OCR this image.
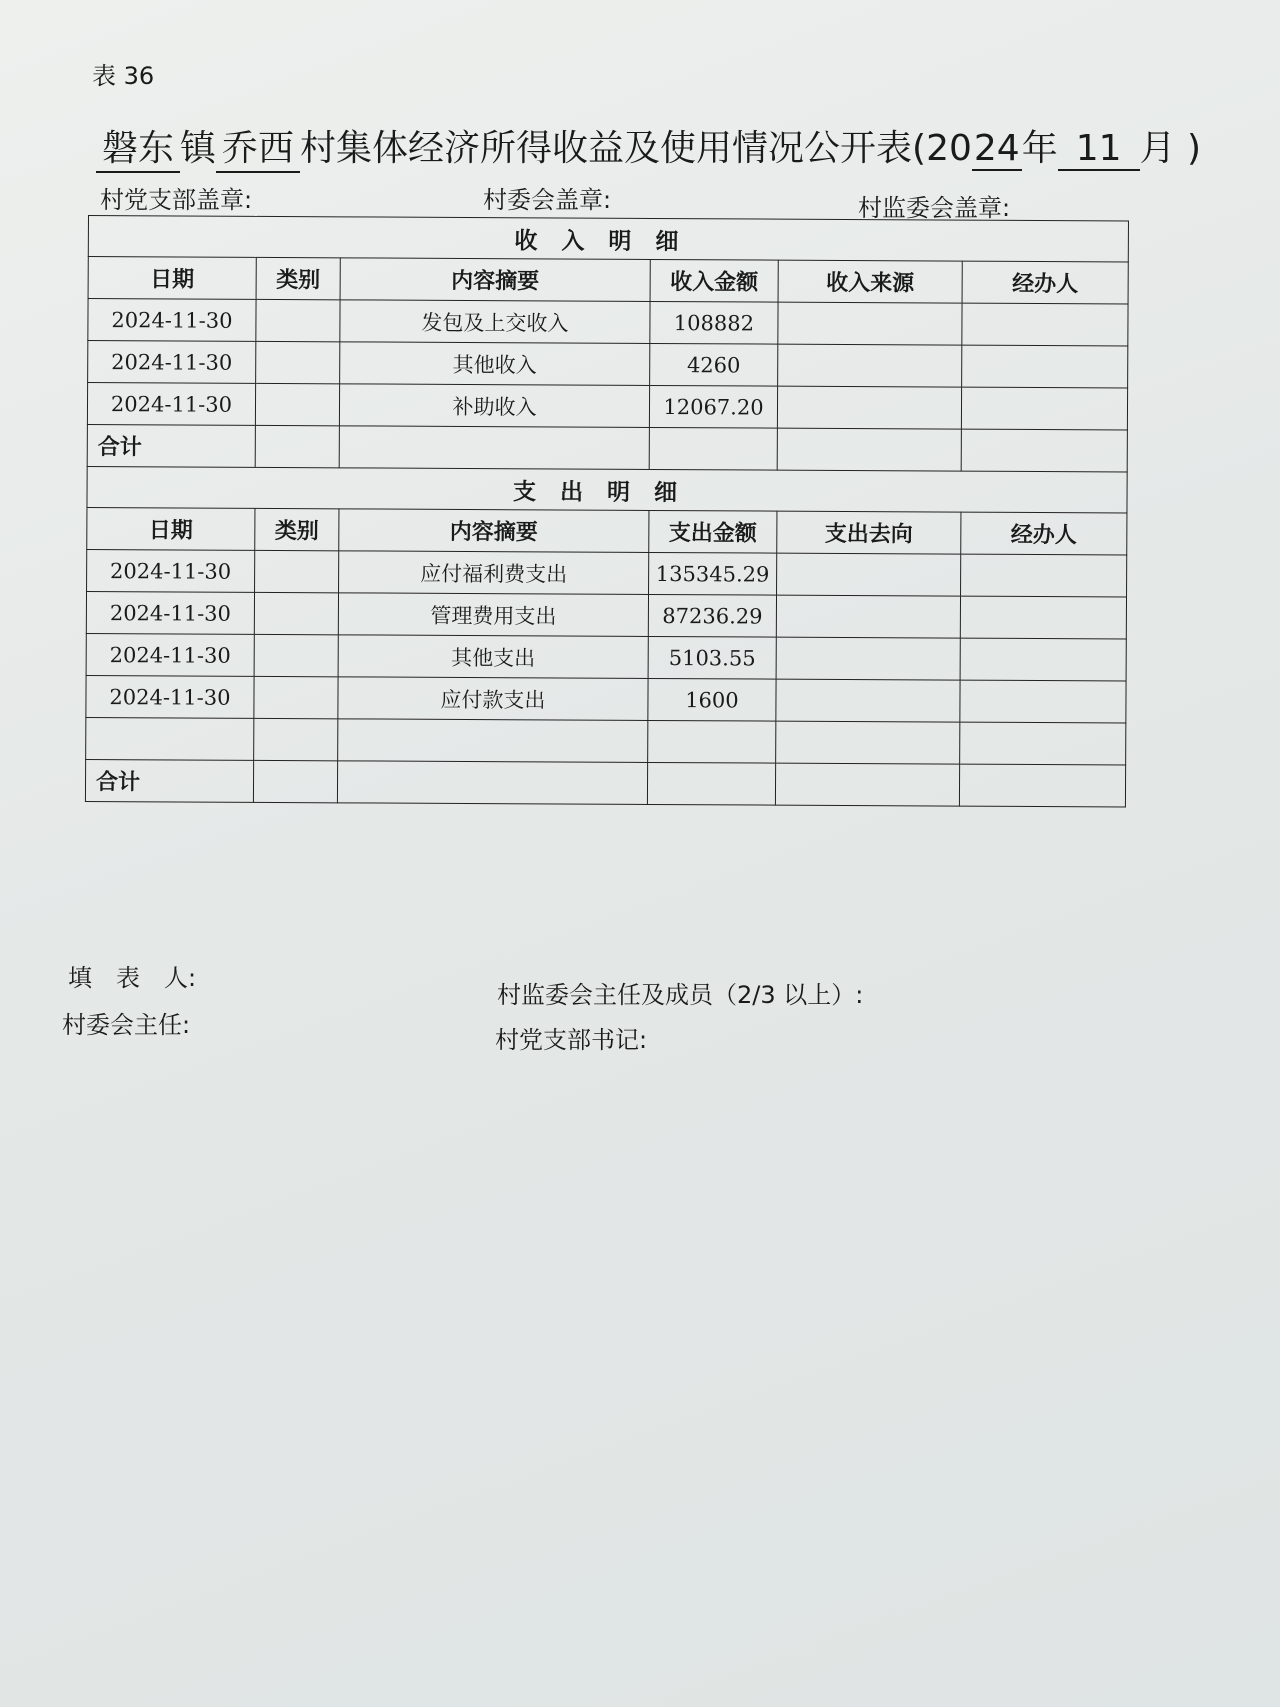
表 36
磐东 镇 乔西 村集体经济所得收益及使用情况公开表(2024年 11 月 )
村党支部盖章:	村委会盖章:	村监委会盖章:
收入明细					
日期	类别	内容摘要	收入金额	收入来源	经办人
2024-11-30		发包及上交收入	108882		
2024-11-30		其他收入	4260		
2024-11-30		补助收入	12067.20		
合计					
支出明细					
日期	类别	内容摘要	支出金额	支出去向	经办人
2024-11-30		应付福利费支出	135345.29		
2024-11-30		管理费用支出	87236.29		
2024-11-30		其他支出	5103.55		
2024-11-30		应付款支出	1600		

合计					
填　表　人:
村委会主任:
村监委会主任及成员（2/3 以上）:
村党支部书记:
